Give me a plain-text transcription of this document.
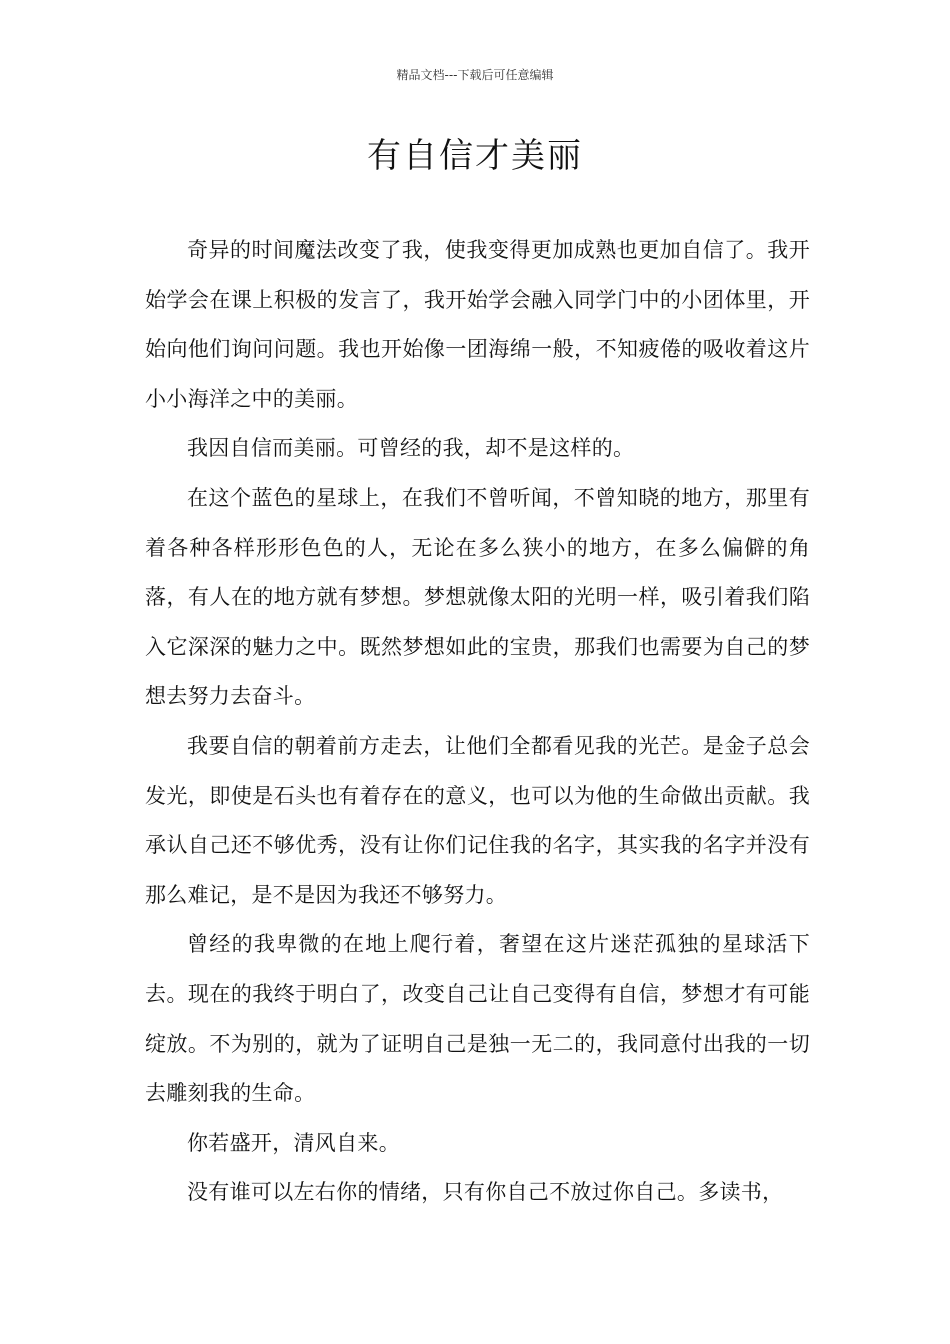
精品文档---下载后可任意编辑
有自信才美丽

奇异的时间魔法改变了我，使我变得更加成熟也更加自信了。我开始学会在课上积极的发言了，我开始学会融入同学门中的小团体里，开始向他们询问问题。我也开始像一团海绵一般，不知疲倦的吸收着这片小小海洋之中的美丽。

我因自信而美丽。可曾经的我，却不是这样的。

在这个蓝色的星球上，在我们不曾听闻，不曾知晓的地方，那里有着各种各样形形色色的人，无论在多么狭小的地方，在多么偏僻的角落，有人在的地方就有梦想。梦想就像太阳的光明一样，吸引着我们陷入它深深的魅力之中。既然梦想如此的宝贵，那我们也需要为自己的梦想去努力去奋斗。

我要自信的朝着前方走去，让他们全都看见我的光芒。是金子总会发光，即使是石头也有着存在的意义，也可以为他的生命做出贡献。我承认自己还不够优秀，没有让你们记住我的名字，其实我的名字并没有那么难记，是不是因为我还不够努力。

曾经的我卑微的在地上爬行着，奢望在这片迷茫孤独的星球活下去。现在的我终于明白了，改变自己让自己变得有自信，梦想才有可能绽放。不为别的，就为了证明自己是独一无二的，我同意付出我的一切去雕刻我的生命。

你若盛开，清风自来。

没有谁可以左右你的情绪，只有你自己不放过你自己。多读书，
